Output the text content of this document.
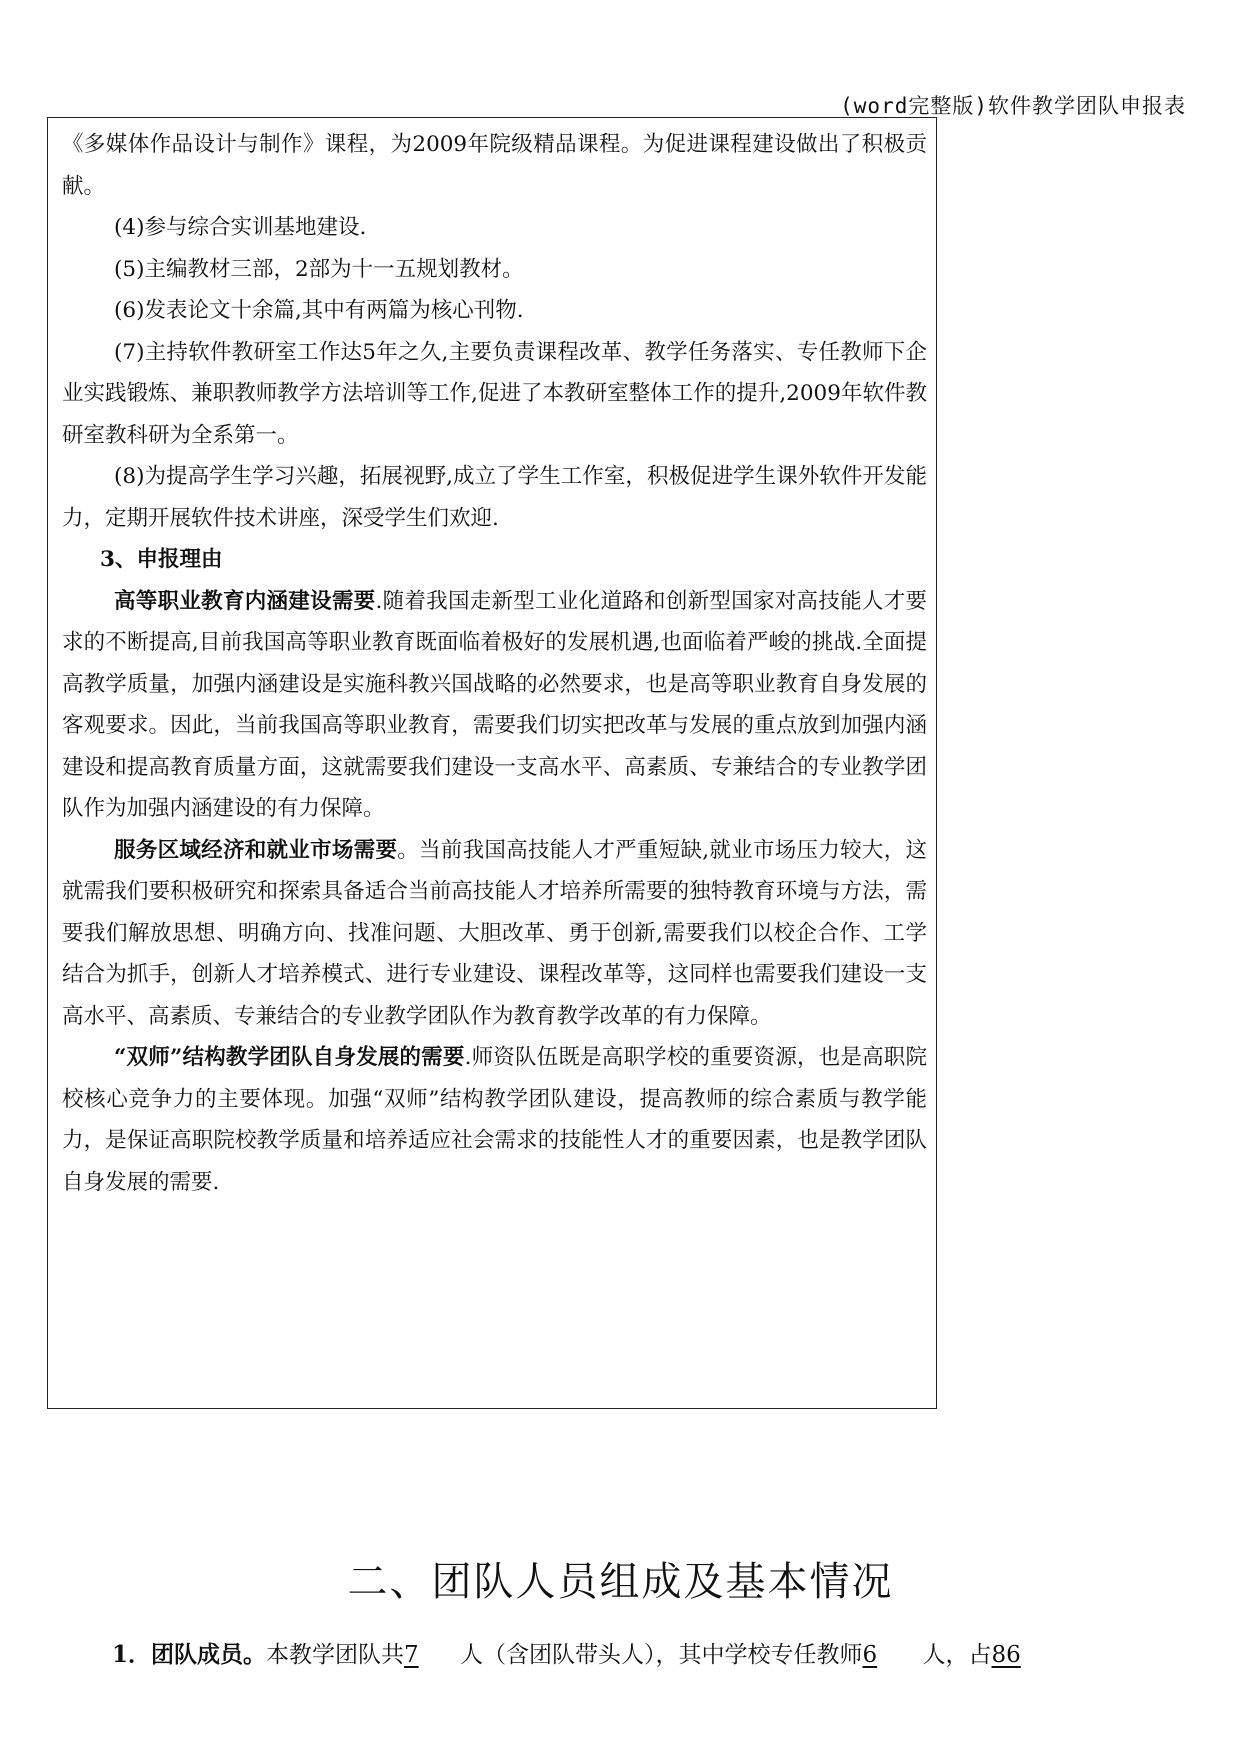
(word完整版)软件教学团队申报表

《多媒体作品设计与制作》课程，为2009年院级精品课程。为促进课程建设做出了积极贡献。

(4)参与综合实训基地建设.

(5)主编教材三部，2部为十一五规划教材。

(6)发表论文十余篇,其中有两篇为核心刊物.

(7)主持软件教研室工作达5年之久,主要负责课程改革、教学任务落实、专任教师下企业实践锻炼、兼职教师教学方法培训等工作,促进了本教研室整体工作的提升,2009年软件教研室教科研为全系第一。

(8)为提高学生学习兴趣，拓展视野,成立了学生工作室，积极促进学生课外软件开发能力，定期开展软件技术讲座，深受学生们欢迎.

3、申报理由

高等职业教育内涵建设需要.随着我国走新型工业化道路和创新型国家对高技能人才要求的不断提高,目前我国高等职业教育既面临着极好的发展机遇,也面临着严峻的挑战.全面提高教学质量，加强内涵建设是实施科教兴国战略的必然要求，也是高等职业教育自身发展的客观要求。因此，当前我国高等职业教育，需要我们切实把改革与发展的重点放到加强内涵建设和提高教育质量方面，这就需要我们建设一支高水平、高素质、专兼结合的专业教学团队作为加强内涵建设的有力保障。

服务区域经济和就业市场需要。当前我国高技能人才严重短缺,就业市场压力较大，这就需我们要积极研究和探索具备适合当前高技能人才培养所需要的独特教育环境与方法，需要我们解放思想、明确方向、找准问题、大胆改革、勇于创新,需要我们以校企合作、工学结合为抓手，创新人才培养模式、进行专业建设、课程改革等，这同样也需要我们建设一支高水平、高素质、专兼结合的专业教学团队作为教育教学改革的有力保障。

“双师”结构教学团队自身发展的需要.师资队伍既是高职学校的重要资源，也是高职院校核心竞争力的主要体现。加强“双师”结构教学团队建设，提高教师的综合素质与教学能力，是保证高职院校教学质量和培养适应社会需求的技能性人才的重要因素，也是教学团队自身发展的需要.

二、团队人员组成及基本情况
1．团队成员。本教学团队共7 人（含团队带头人），其中学校专任教师6 人，占86
